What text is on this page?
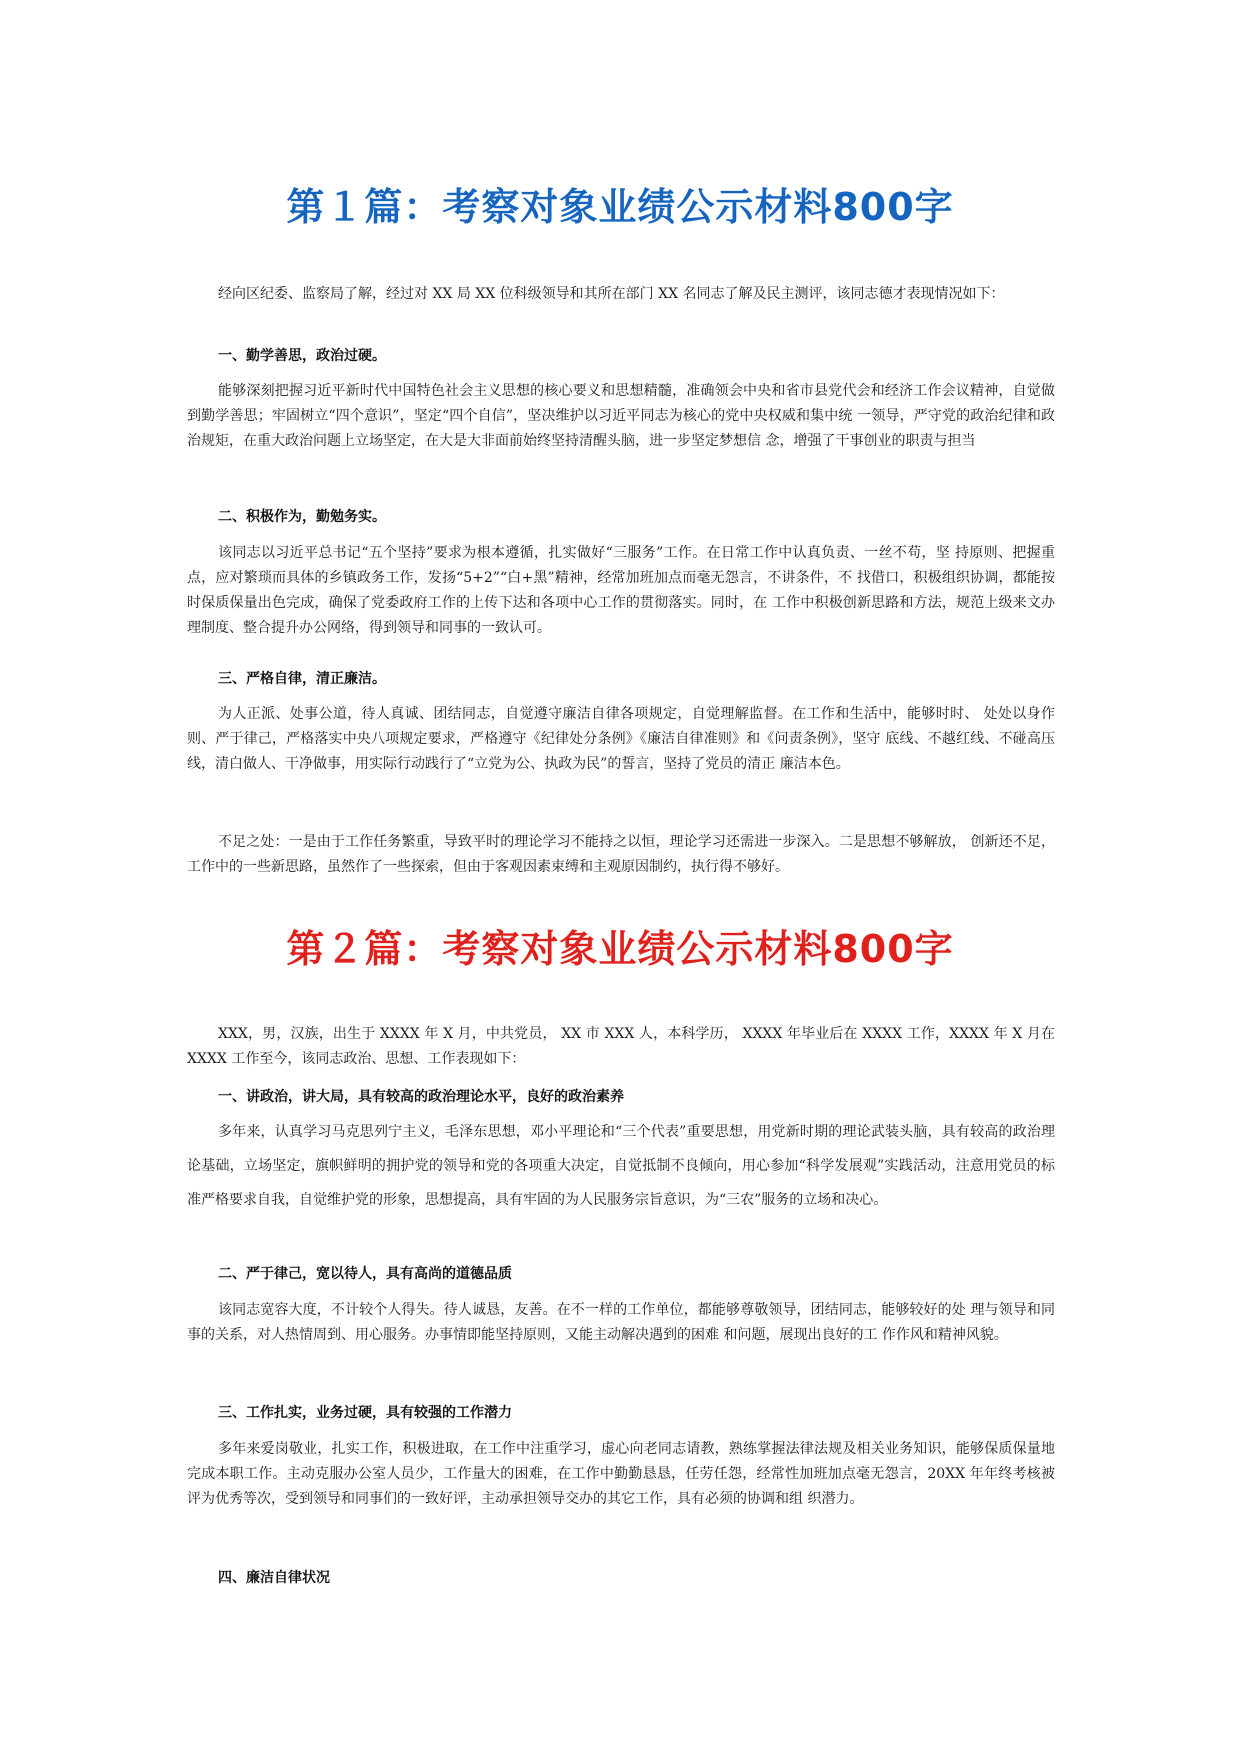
第１篇：考察对象业绩公示材料800字

经向区纪委、监察局了解，经过对 XX 局 XX 位科级领导和其所在部门 XX 名同志了解及民主测评，该同志德才表现情况如下：

一、勤学善思，政治过硬。

能够深刻把握习近平新时代中国特色社会主义思想的核心要义和思想精髓，准确领会中央和省市县党代会和经济工作会议精神，自觉做到勤学善思；牢固树立“四个意识”，坚定“四个自信”，坚决维护以习近平同志为核心的党中央权威和集中统 一领导，严守党的政治纪律和政治规矩，在重大政治问题上立场坚定，在大是大非面前始终坚持清醒头脑，进一步坚定梦想信 念，增强了干事创业的职责与担当

二、积极作为，勤勉务实。

该同志以习近平总书记“五个坚持”要求为根本遵循，扎实做好“三服务”工作。在日常工作中认真负责、一丝不苟，坚 持原则、把握重点，应对繁琐而具体的乡镇政务工作，发扬“5+2”“白+黑”精神，经常加班加点而毫无怨言，不讲条件，不 找借口，积极组织协调，都能按时保质保量出色完成，确保了党委政府工作的上传下达和各项中心工作的贯彻落实。同时，在 工作中积极创新思路和方法，规范上级来文办理制度、整合提升办公网络，得到领导和同事的一致认可。

三、严格自律，清正廉洁。

为人正派、处事公道，待人真诚、团结同志，自觉遵守廉洁自律各项规定，自觉理解监督。在工作和生活中，能够时时、 处处以身作则、严于律己，严格落实中央八项规定要求，严格遵守《纪律处分条例》《廉洁自律准则》和《问责条例》，坚守 底线、不越红线、不碰高压线，清白做人、干净做事，用实际行动践行了“立党为公、执政为民”的誓言，坚持了党员的清正 廉洁本色。

不足之处：一是由于工作任务繁重，导致平时的理论学习不能持之以恒，理论学习还需进一步深入。二是思想不够解放， 创新还不足，工作中的一些新思路，虽然作了一些探索，但由于客观因素束缚和主观原因制约，执行得不够好。

第２篇：考察对象业绩公示材料800字

XXX，男，汉族，出生于 XXXX 年 X 月，中共党员， XX 市 XXX 人，本科学历， XXXX 年毕业后在 XXXX 工作，XXXX 年 X 月在 XXXX 工作至今，该同志政治、思想、工作表现如下：

一、讲政治，讲大局，具有较高的政治理论水平，良好的政治素养

多年来，认真学习马克思列宁主义，毛泽东思想，邓小平理论和“三个代表”重要思想，用党新时期的理论武装头脑，具有较高的政治理论基础，立场坚定，旗帜鲜明的拥护党的领导和党的各项重大决定，自觉抵制不良倾向，用心参加“科学发展观”实践活动，注意用党员的标准严格要求自我，自觉维护党的形象，思想提高，具有牢固的为人民服务宗旨意识，为“三农”服务的立场和决心。

二、严于律己，宽以待人，具有高尚的道德品质

该同志宽容大度，不计较个人得失。待人诚恳，友善。在不一样的工作单位，都能够尊敬领导，团结同志，能够较好的处 理与领导和同事的关系，对人热情周到、用心服务。办事情即能坚持原则，又能主动解决遇到的困难 和问题，展现出良好的工 作作风和精神风貌。

三、工作扎实，业务过硬，具有较强的工作潜力

多年来爱岗敬业，扎实工作，积极进取，在工作中注重学习，虚心向老同志请教，熟练掌握法律法规及相关业务知识，能够保质保量地完成本职工作。主动克服办公室人员少，工作量大的困难，在工作中勤勤恳恳，任劳任怨，经常性加班加点毫无怨言，20XX 年年终考核被评为优秀等次，受到领导和同事们的一致好评，主动承担领导交办的其它工作，具有必须的协调和组 织潜力。

四、廉洁自律状况
